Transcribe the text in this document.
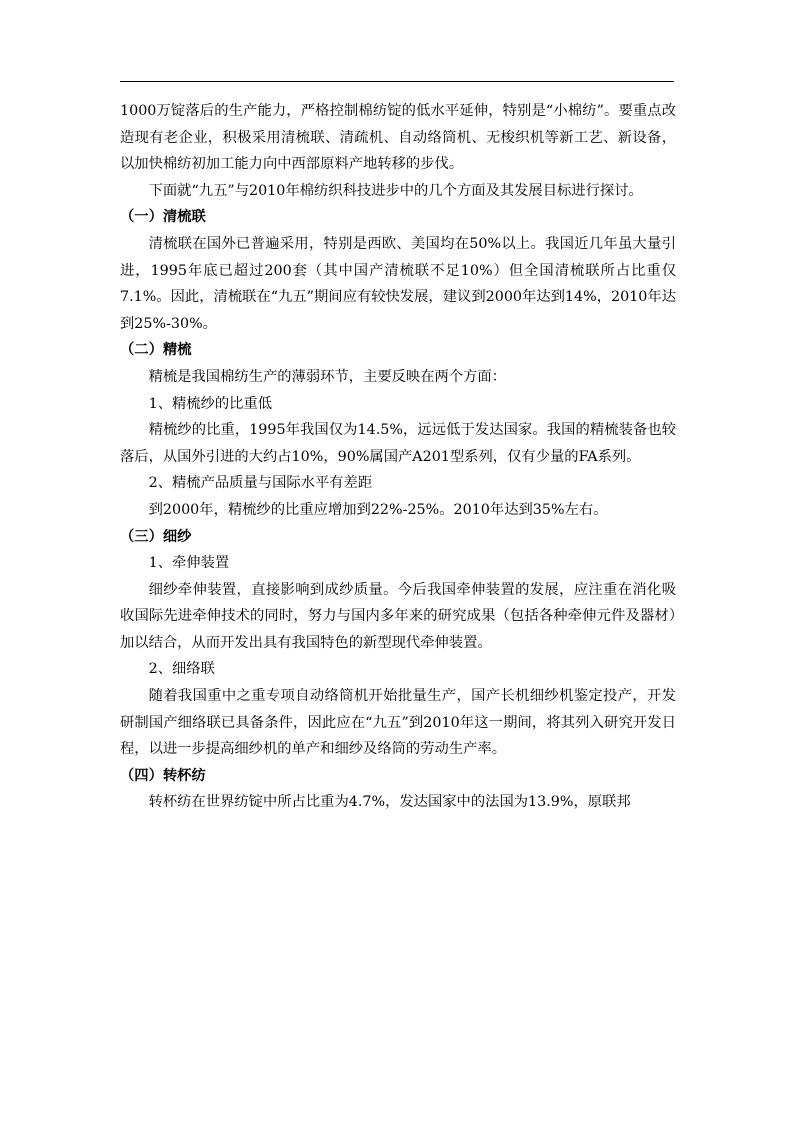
1000万锭落后的生产能力，严格控制棉纺锭的低水平延伸，特别是“小棉纺”。要重点改造现有老企业，积极采用清梳联、清疏机、自动络筒机、无梭织机等新工艺、新设备，以加快棉纺初加工能力向中西部原料产地转移的步伐。

下面就“九五”与2010年棉纺织科技进步中的几个方面及其发展目标进行探讨。

（一）清梳联

清梳联在国外已普遍采用，特别是西欧、美国均在50%以上。我国近几年虽大量引进，1995年底已超过200套（其中国产清梳联不足10%）但全国清梳联所占比重仅7.1%。因此，清梳联在“九五”期间应有较快发展，建议到2000年达到14%，2010年达到25%-30%。

（二）精梳

精梳是我国棉纺生产的薄弱环节，主要反映在两个方面：

1、精梳纱的比重低

精梳纱的比重，1995年我国仅为14.5%，远远低于发达国家。我国的精梳装备也较落后，从国外引进的大约占10%，90%属国产A201型系列，仅有少量的FA系列。

2、精梳产品质量与国际水平有差距

到2000年，精梳纱的比重应增加到22%-25%。2010年达到35%左右。

（三）细纱

1、牵伸装置

细纱牵伸装置，直接影响到成纱质量。今后我国牵伸装置的发展，应注重在消化吸收国际先进牵伸技术的同时，努力与国内多年来的研究成果（包括各种牵伸元件及器材）加以结合，从而开发出具有我国特色的新型现代牵伸装置。

2、细络联

随着我国重中之重专项自动络筒机开始批量生产，国产长机细纱机鉴定投产，开发研制国产细络联已具备条件，因此应在“九五”到2010年这一期间，将其列入研究开发日程，以进一步提高细纱机的单产和细纱及络筒的劳动生产率。

（四）转杯纺

转杯纺在世界纺锭中所占比重为4.7%，发达国家中的法国为13.9%，原联邦
